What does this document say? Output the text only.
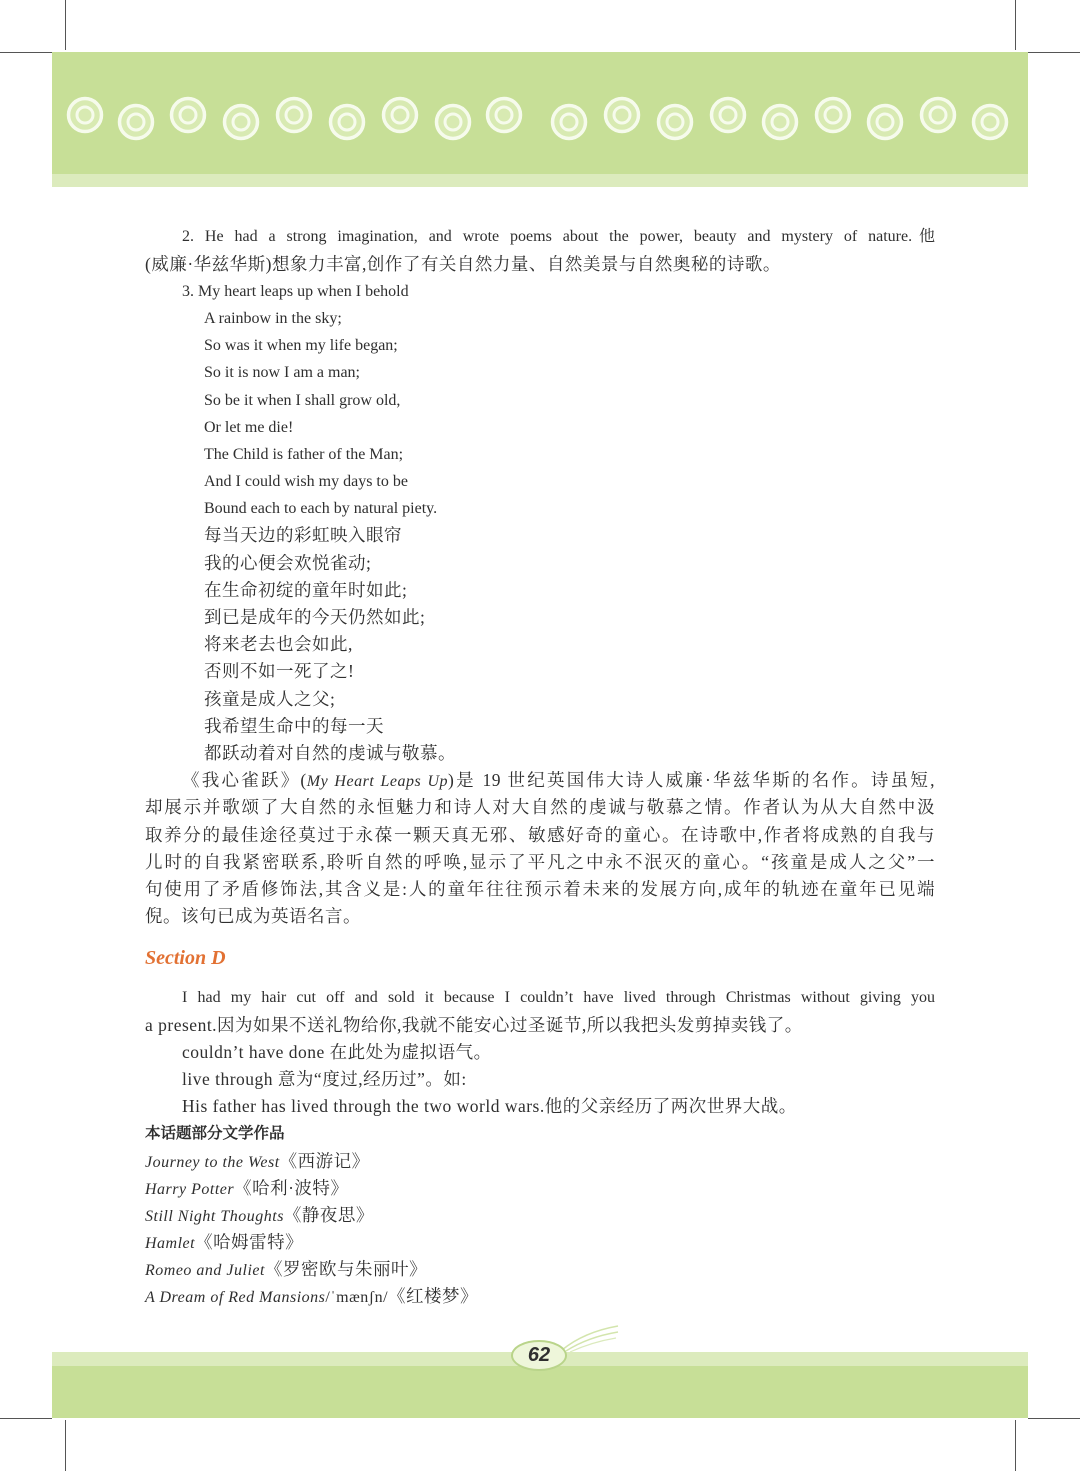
2. He had a strong imagination, and wrote poems about the power, beauty and mystery of nature.他
(威廉·华兹华斯)想象力丰富,创作了有关自然力量、自然美景与自然奥秘的诗歌。
3. My heart leaps up when I behold
A rainbow in the sky;
So was it when my life began;
So it is now I am a man;
So be it when I shall grow old,
Or let me die!
The Child is father of the Man;
And I could wish my days to be
Bound each to each by natural piety.
每当天边的彩虹映入眼帘
我的心便会欢悦雀动;
在生命初绽的童年时如此;
到已是成年的今天仍然如此;
将来老去也会如此,
否则不如一死了之!
孩童是成人之父;
我希望生命中的每一天
都跃动着对自然的虔诚与敬慕。
《我心雀跃》(My Heart Leaps Up)是 19 世纪英国伟大诗人威廉·华兹华斯的名作。诗虽短,
却展示并歌颂了大自然的永恒魅力和诗人对大自然的虔诚与敬慕之情。作者认为从大自然中汲
取养分的最佳途径莫过于永葆一颗天真无邪、敏感好奇的童心。在诗歌中,作者将成熟的自我与
儿时的自我紧密联系,聆听自然的呼唤,显示了平凡之中永不泯灭的童心。“孩童是成人之父”一
句使用了矛盾修饰法,其含义是:人的童年往往预示着未来的发展方向,成年的轨迹在童年已见端
倪。该句已成为英语名言。
Section D
I had my hair cut off and sold it because I couldn’t have lived through Christmas without giving you
a present.因为如果不送礼物给你,我就不能安心过圣诞节,所以我把头发剪掉卖钱了。
couldn’t have done 在此处为虚拟语气。
live through 意为“度过,经历过”。如:
His father has lived through the two world wars.他的父亲经历了两次世界大战。
本话题部分文学作品
Journey to the West《西游记》
Harry Potter《哈利·波特》
Still Night Thoughts《静夜思》
Hamlet《哈姆雷特》
Romeo and Juliet《罗密欧与朱丽叶》
A Dream of Red Mansions/ˈmænʃn/《红楼梦》
62
